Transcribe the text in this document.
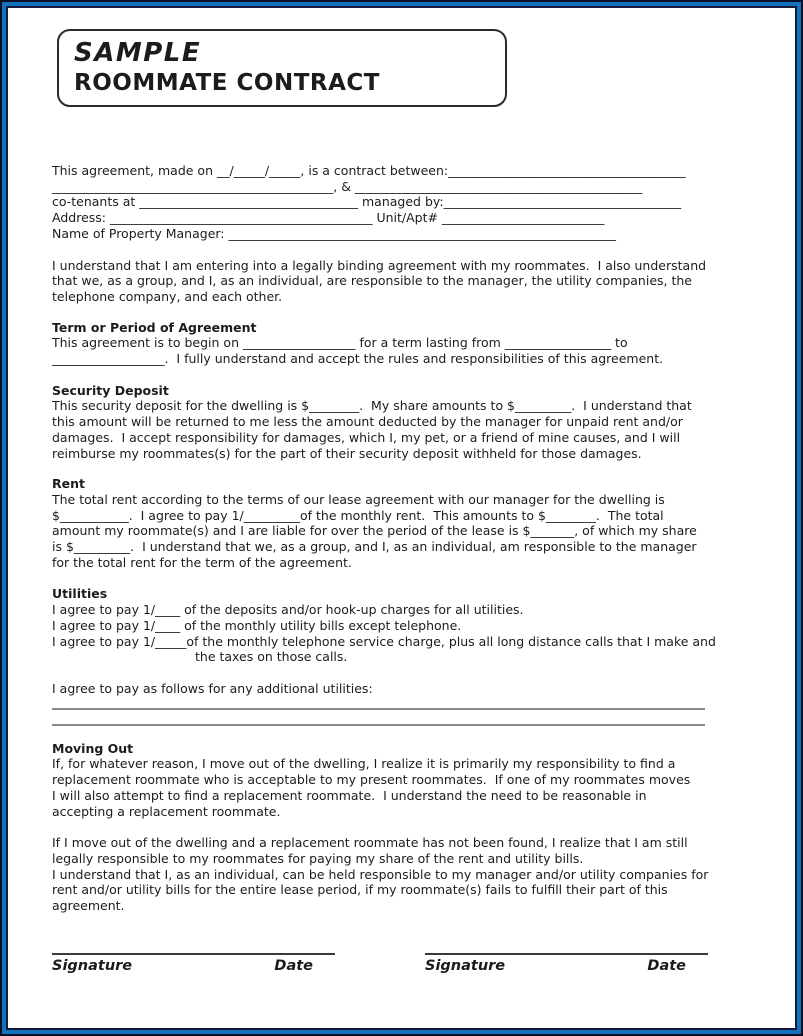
SAMPLE
ROOMMATE CONTRACT
This agreement, made on __/_____/_____, is a contract between:______________________________________
_____________________________________________, & ______________________________________________
co-tenants at ___________________________________ managed by:______________________________________
Address: __________________________________________ Unit/Apt# __________________________
Name of Property Manager: ______________________________________________________________
I understand that I am entering into a legally binding agreement with my roommates.  I also understand
that we, as a group, and I, as an individual, are responsible to the manager, the utility companies, the
telephone company, and each other.
Term or Period of Agreement
This agreement is to begin on __________________ for a term lasting from _________________ to
__________________.  I fully understand and accept the rules and responsibilities of this agreement.
Security Deposit
This security deposit for the dwelling is $________.  My share amounts to $_________.  I understand that
this amount will be returned to me less the amount deducted by the manager for unpaid rent and/or
damages.  I accept responsibility for damages, which I, my pet, or a friend of mine causes, and I will
reimburse my roommates(s) for the part of their security deposit withheld for those damages.
Rent
The total rent according to the terms of our lease agreement with our manager for the dwelling is
$___________.  I agree to pay 1/_________of the monthly rent.  This amounts to $________.  The total
amount my roommate(s) and I are liable for over the period of the lease is $_______, of which my share
is $_________.  I understand that we, as a group, and I, as an individual, am responsible to the manager
for the total rent for the term of the agreement.
Utilities
I agree to pay 1/____ of the deposits and/or hook-up charges for all utilities.
I agree to pay 1/____ of the monthly utility bills except telephone.
I agree to pay 1/_____of the monthly telephone service charge, plus all long distance calls that I make and
the taxes on those calls.
I agree to pay as follows for any additional utilities:
Moving Out
If, for whatever reason, I move out of the dwelling, I realize it is primarily my responsibility to find a
replacement roommate who is acceptable to my present roommates.  If one of my roommates moves
I will also attempt to find a replacement roommate.  I understand the need to be reasonable in
accepting a replacement roommate.
If I move out of the dwelling and a replacement roommate has not been found, I realize that I am still
legally responsible to my roommates for paying my share of the rent and utility bills.
I understand that I, as an individual, can be held responsible to my manager and/or utility companies for
rent and/or utility bills for the entire lease period, if my roommate(s) fails to fulfill their part of this
agreement.
Signature	Date	Signature	Date
